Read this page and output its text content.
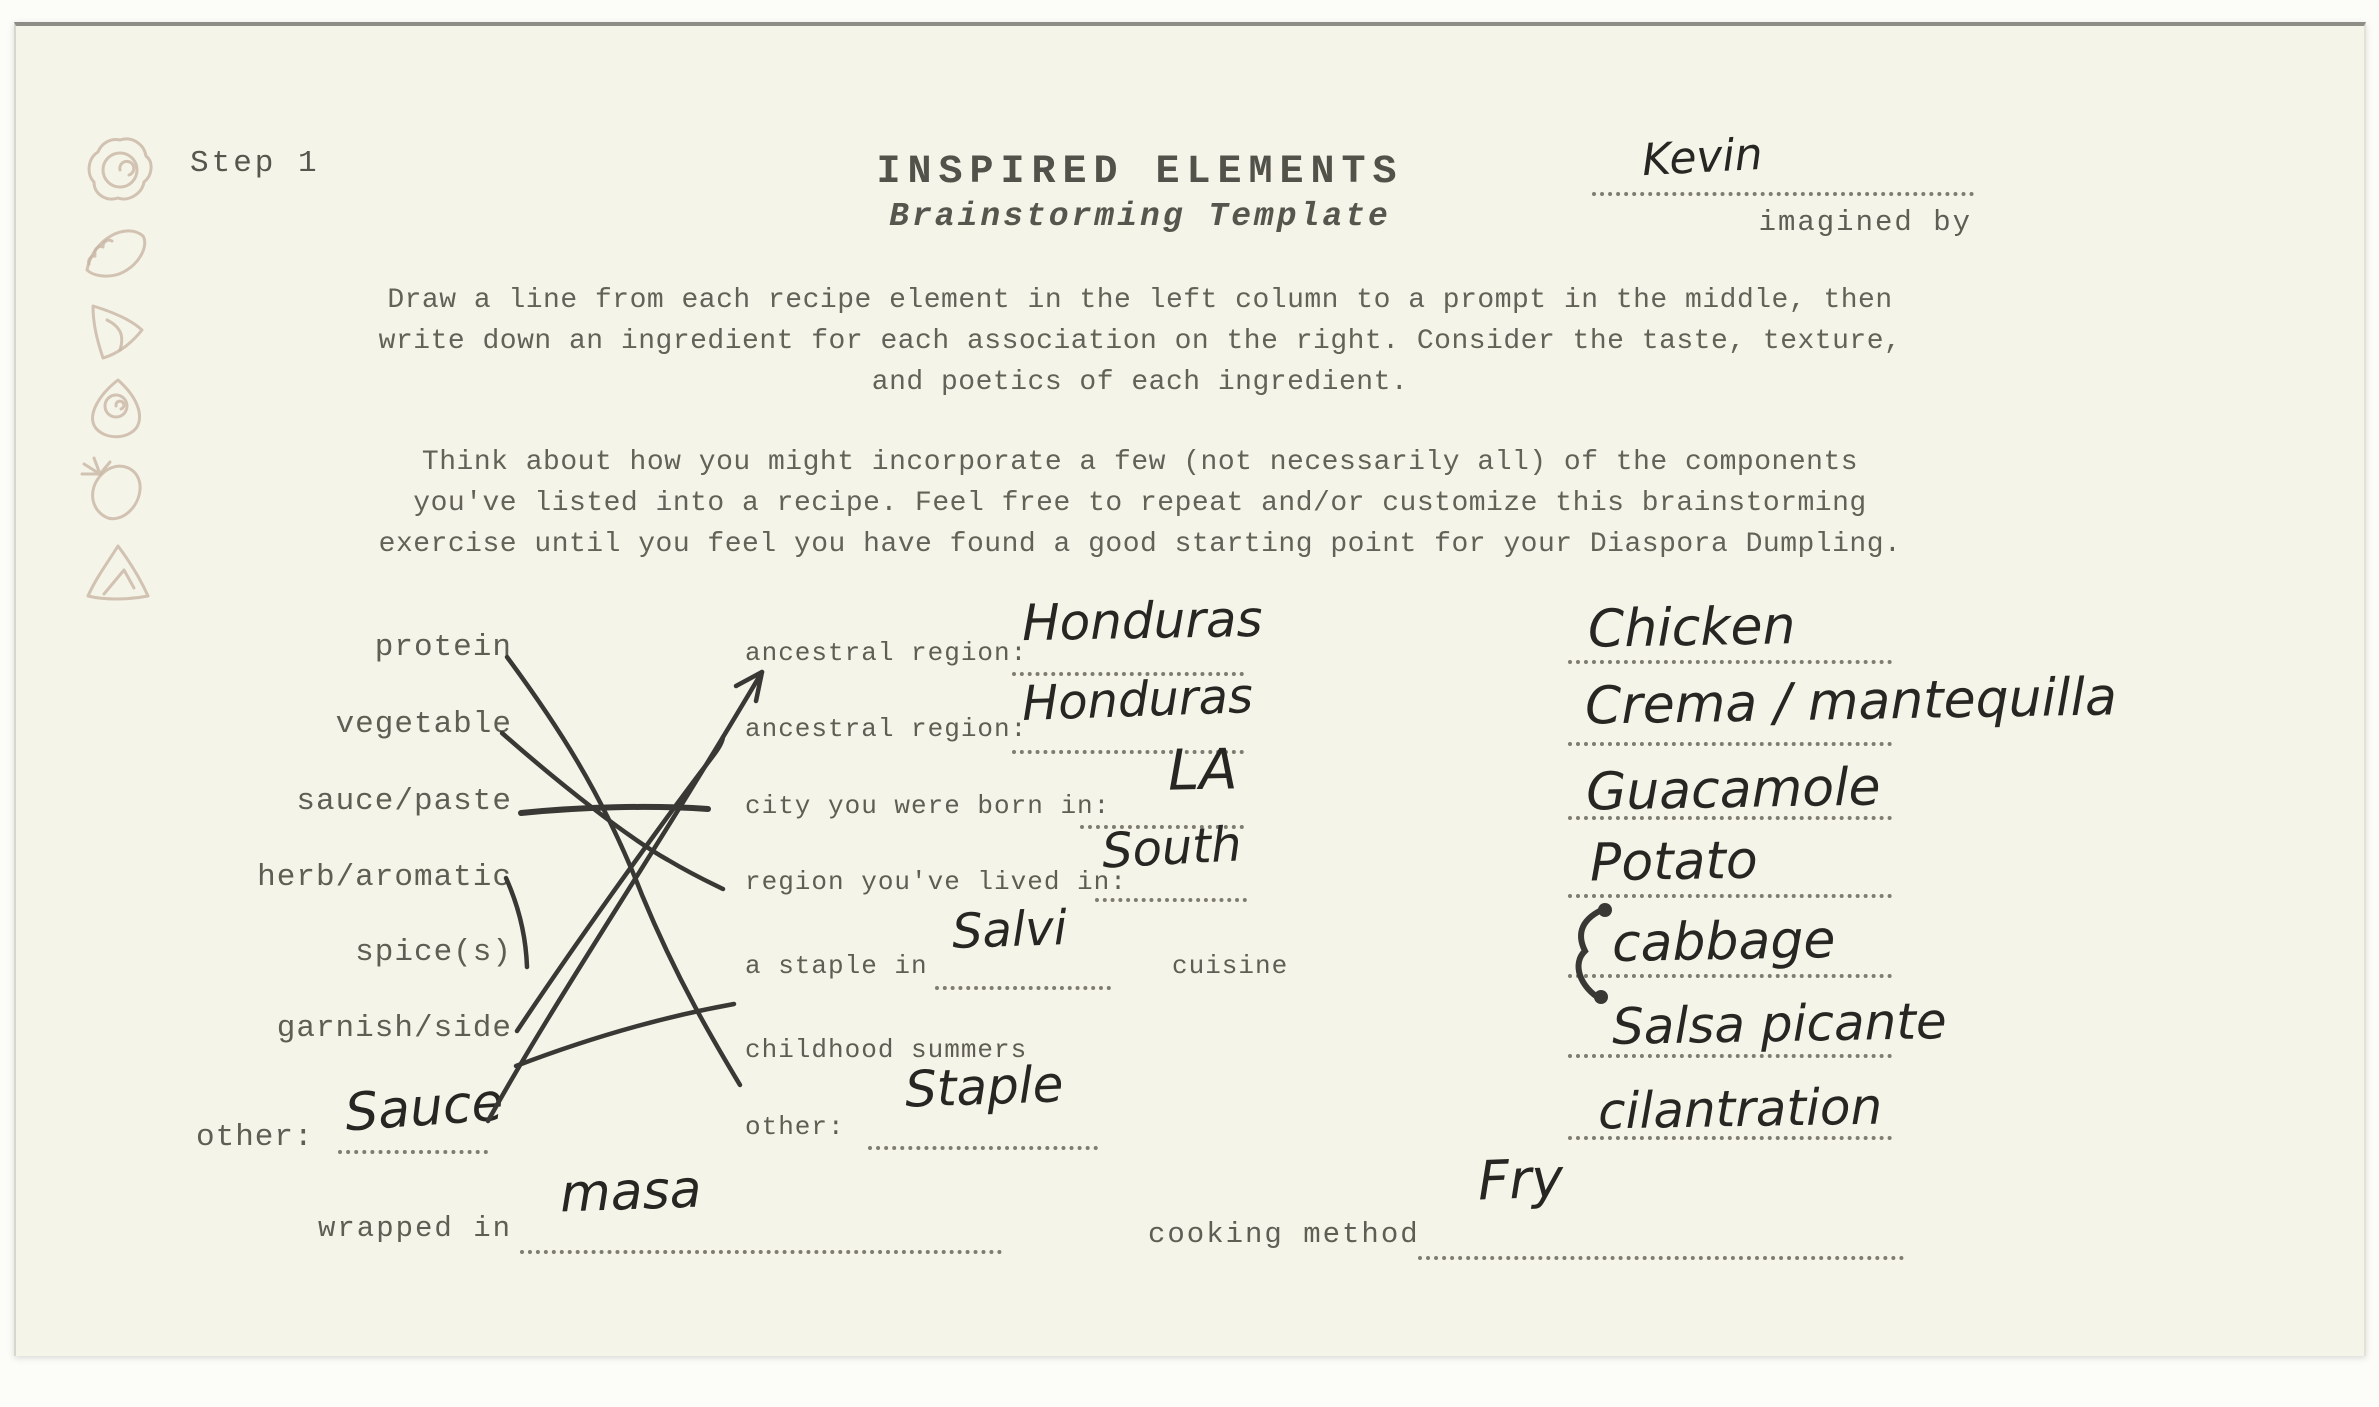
Step 1	INSPIRED ELEMENTS
Brainstorming Template
Kevin
imagined by
Draw a line from each recipe element in the left column to a prompt in the middle, then
write down an ingredient for each association on the right. Consider the taste, texture,
and poetics of each ingredient.
Think about how you might incorporate a few (not necessarily all) of the components
you've listed into a recipe. Feel free to repeat and/or customize this brainstorming
exercise until you feel you have found a good starting point for your Diaspora Dumpling.
protein
vegetable
sauce/paste
herb/aromatic
spice(s)
garnish/side
other: Sauce
ancestral region:
Honduras
ancestral region:
Honduras
city you were born in:
LA
region you've lived in:
South
a staple in
Salvi
cuisine
childhood summers
other:
Staple
Chicken
Crema / mantequilla
Guacamole
Potato
cabbage
Salsa picante
cilantration
wrapped in
masa
cooking method
Fry
